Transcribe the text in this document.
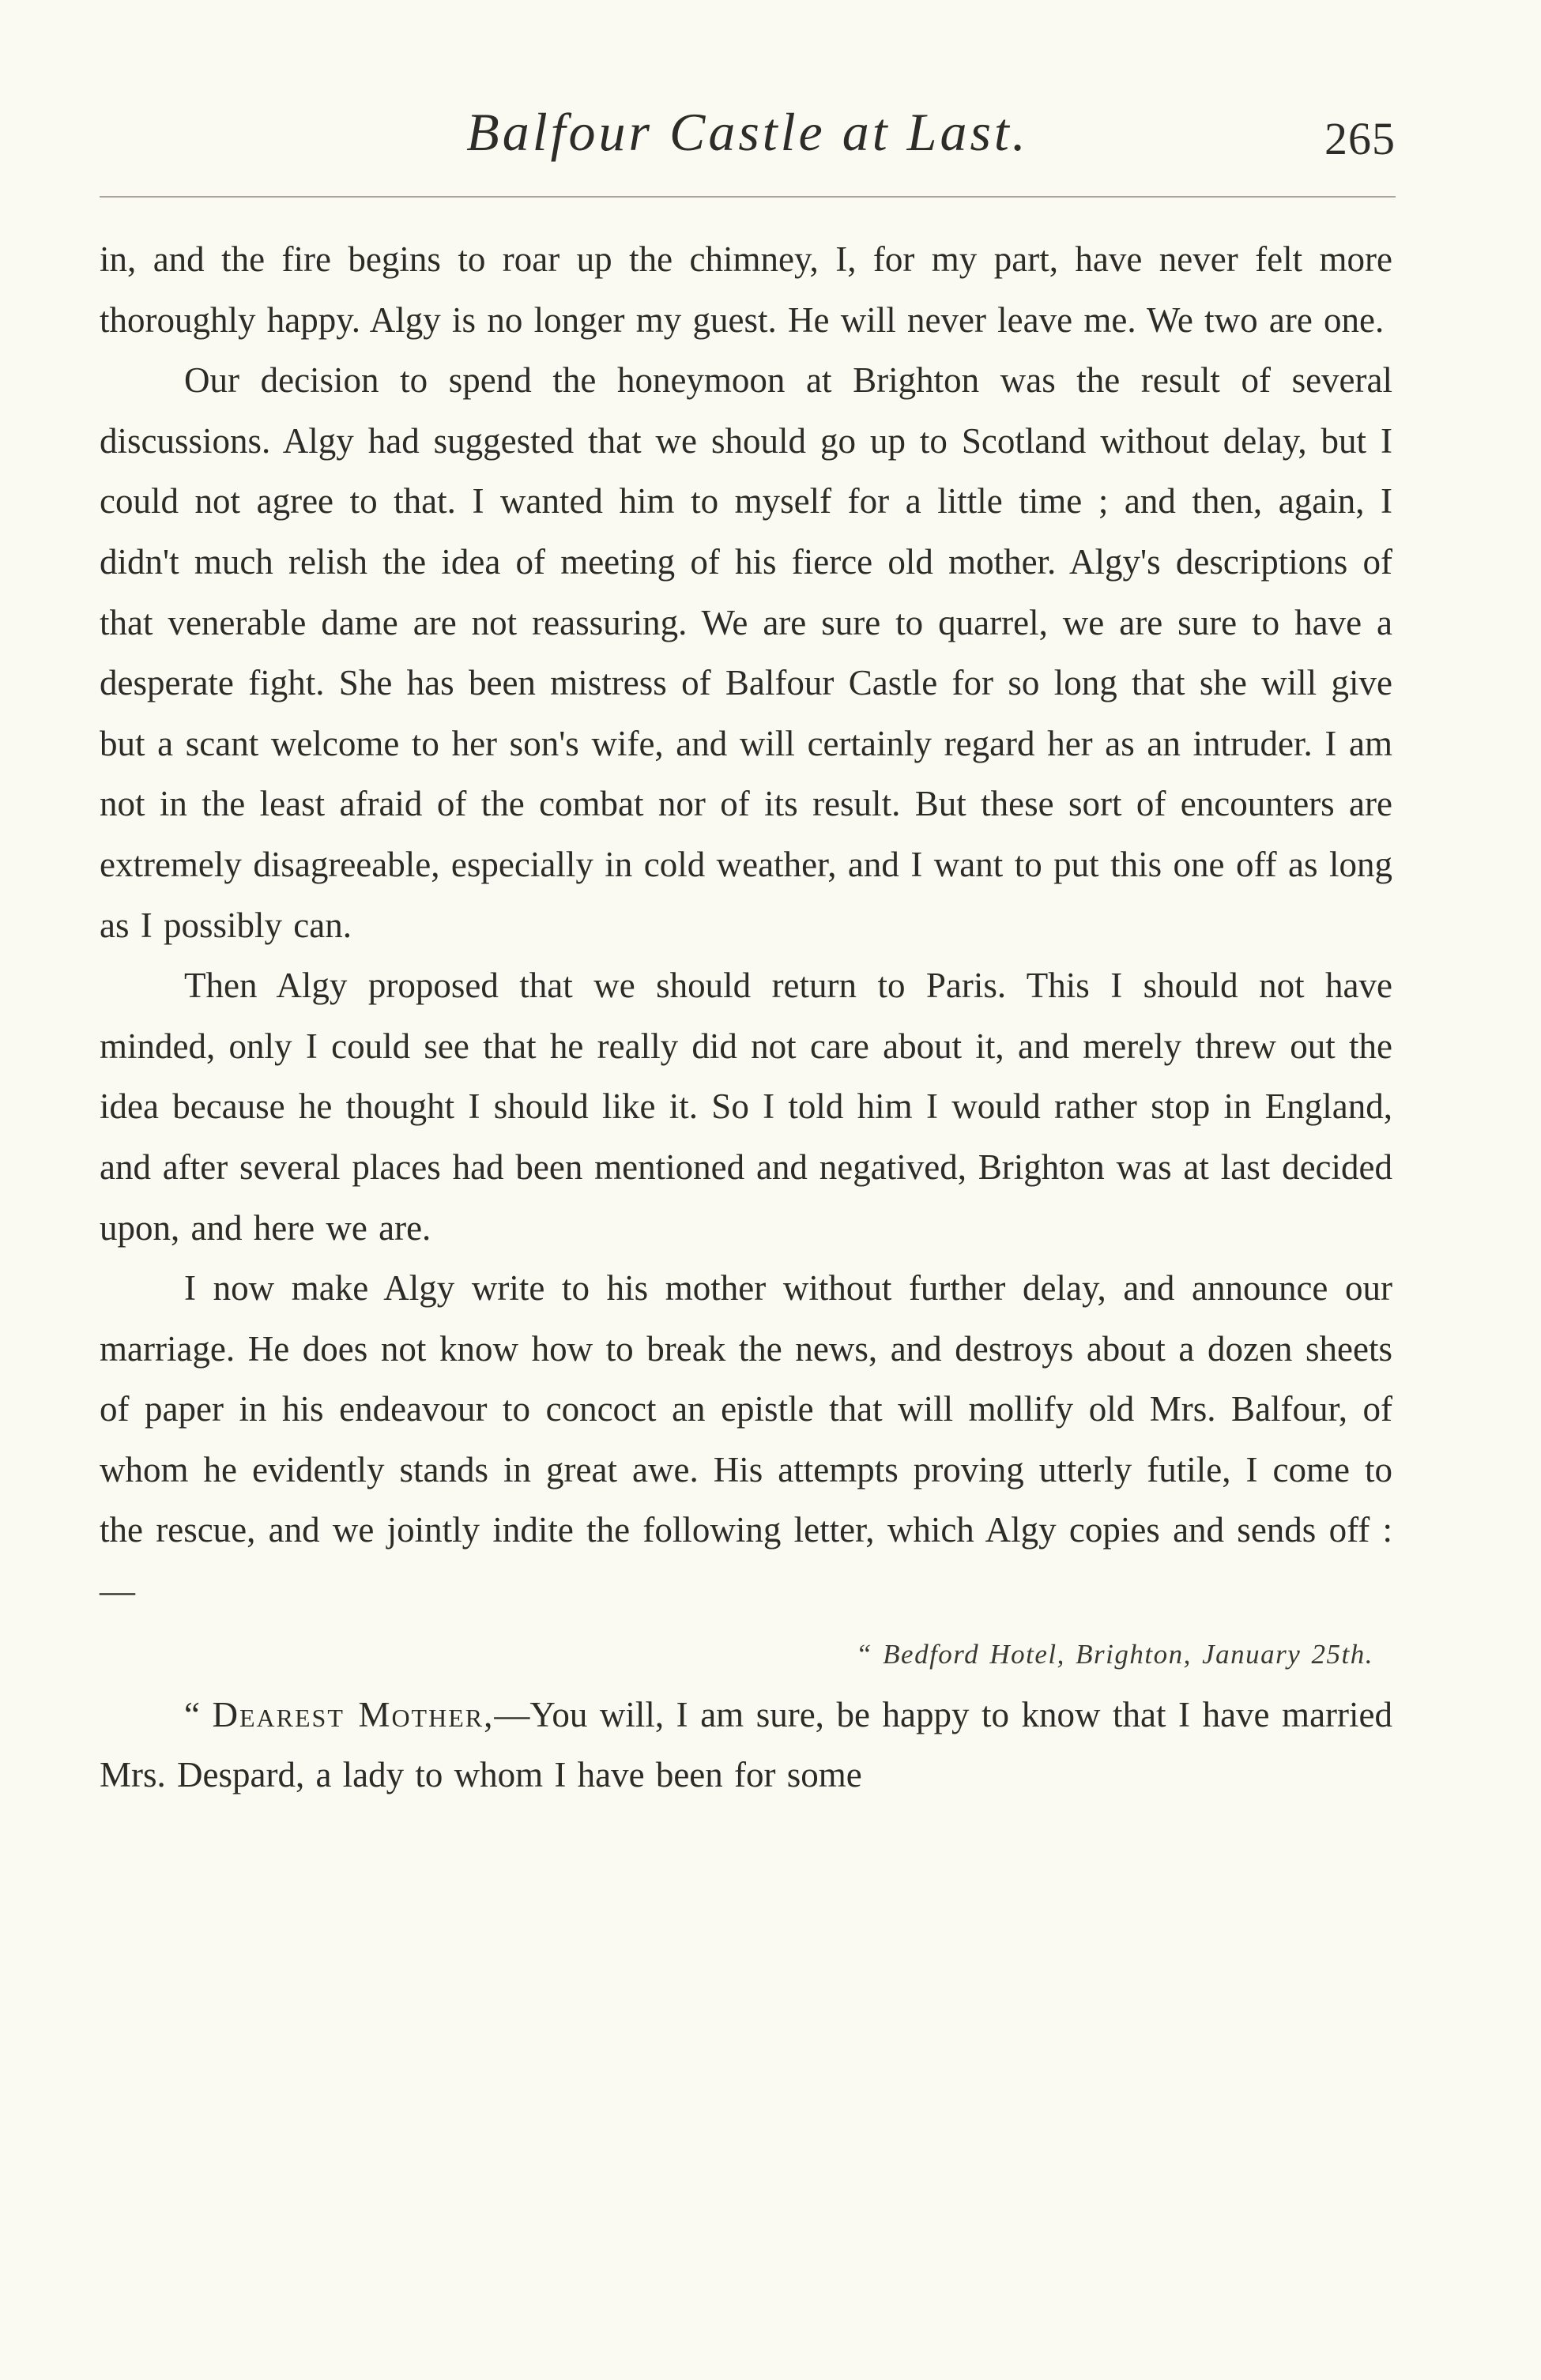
Balfour Castle at Last.	265

in, and the fire begins to roar up the chimney, I, for my part, have never felt more thoroughly happy. Algy is no longer my guest. He will never leave me. We two are one.

Our decision to spend the honeymoon at Brighton was the result of several discussions. Algy had suggested that we should go up to Scotland without delay, but I could not agree to that. I wanted him to myself for a little time ; and then, again, I didn't much relish the idea of meeting of his fierce old mother. Algy's descriptions of that venerable dame are not reassuring. We are sure to quarrel, we are sure to have a desperate fight. She has been mistress of Balfour Castle for so long that she will give but a scant welcome to her son's wife, and will certainly regard her as an intruder. I am not in the least afraid of the combat nor of its result. But these sort of encounters are extremely disagreeable, especially in cold weather, and I want to put this one off as long as I possibly can.

Then Algy proposed that we should return to Paris. This I should not have minded, only I could see that he really did not care about it, and merely threw out the idea because he thought I should like it. So I told him I would rather stop in England, and after several places had been mentioned and negatived, Brighton was at last decided upon, and here we are.

I now make Algy write to his mother without further delay, and announce our marriage. He does not know how to break the news, and destroys about a dozen sheets of paper in his endeavour to concoct an epistle that will mollify old Mrs. Balfour, of whom he evidently stands in great awe. His attempts proving utterly futile, I come to the rescue, and we jointly indite the following letter, which Algy copies and sends off :—

“ Bedford Hotel, Brighton, January 25th.

“ Dearest Mother,—You will, I am sure, be happy to know that I have married Mrs. Despard, a lady to whom I have been for some
